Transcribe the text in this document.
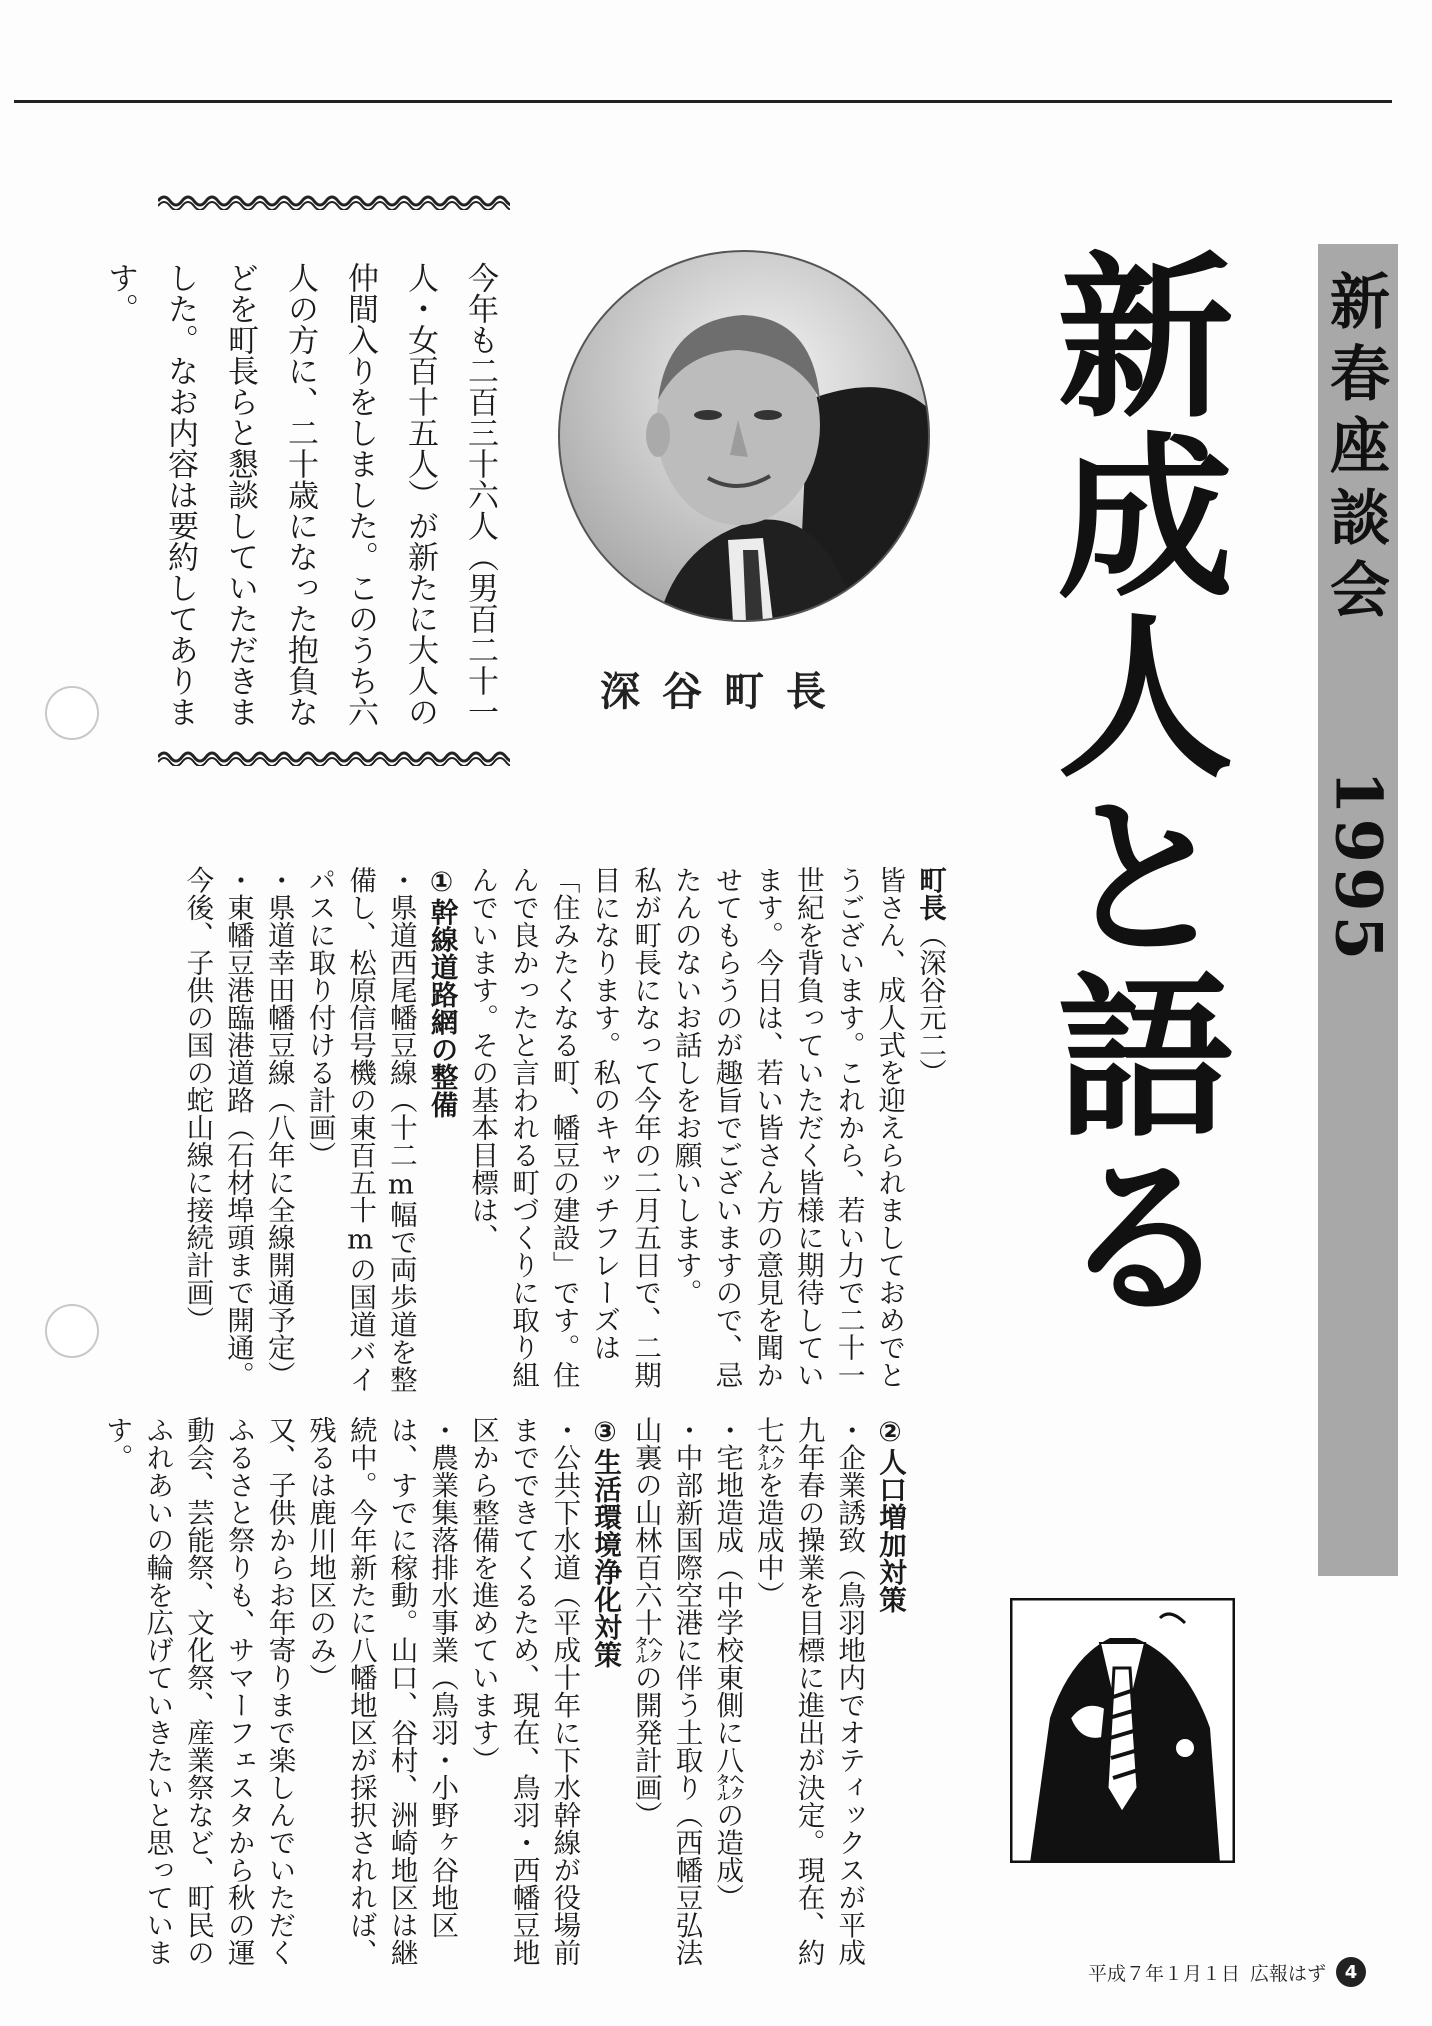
新春座談会
1995
新成人と語る
深谷町長

今年も二百三十六人（男百二十一人・女百十五人）が新たに大人の仲間入りをしました。このうち六人の方に、二十歳になった抱負などを町長らと懇談していただきました。なお内容は要約してあります。

町長（深谷元二）

皆さん、成人式を迎えられましておめでとうございます。これから、若い力で二十一世紀を背負っていただく皆様に期待しています。今日は、若い皆さん方の意見を聞かせてもらうのが趣旨でございますので、忌たんのないお話しをお願いします。

私が町長になって今年の二月五日で、二期目になります。私のキャッチフレーズは「住みたくなる町、幡豆の建設」です。住んで良かったと言われる町づくりに取り組んでいます。その基本目標は、

①幹線道路網の整備

・県道西尾幡豆線（十二m幅で両歩道を整備し、松原信号機の東百五十mの国道バイパスに取り付ける計画）

・県道幸田幡豆線（八年に全線開通予定）

・東幡豆港臨港道路（石材埠頭まで開通。今後、子供の国の蛇山線に接続計画）

②人口増加対策

・企業誘致（鳥羽地内でオティックスが平成九年春の操業を目標に進出が決定。現在、約七㌶を造成中）

・宅地造成（中学校東側に八㌶の造成）

・中部新国際空港に伴う土取り（西幡豆弘法山裏の山林百六十㌶の開発計画）

③生活環境浄化対策

・公共下水道（平成十年に下水幹線が役場前までできてくるため、現在、鳥羽・西幡豆地区から整備を進めています）

・農業集落排水事業（鳥羽・小野ヶ谷地区は、すでに稼動。山口、谷村、洲崎地区は継続中。今年新たに八幡地区が採択されれば、残るは鹿川地区のみ）

又、子供からお年寄りまで楽しんでいただくふるさと祭りも、サマーフェスタから秋の運動会、芸能祭、文化祭、産業祭など、町民のふれあいの輪を広げていきたいと思っています。

平成７年１月１日 広報はず	4
